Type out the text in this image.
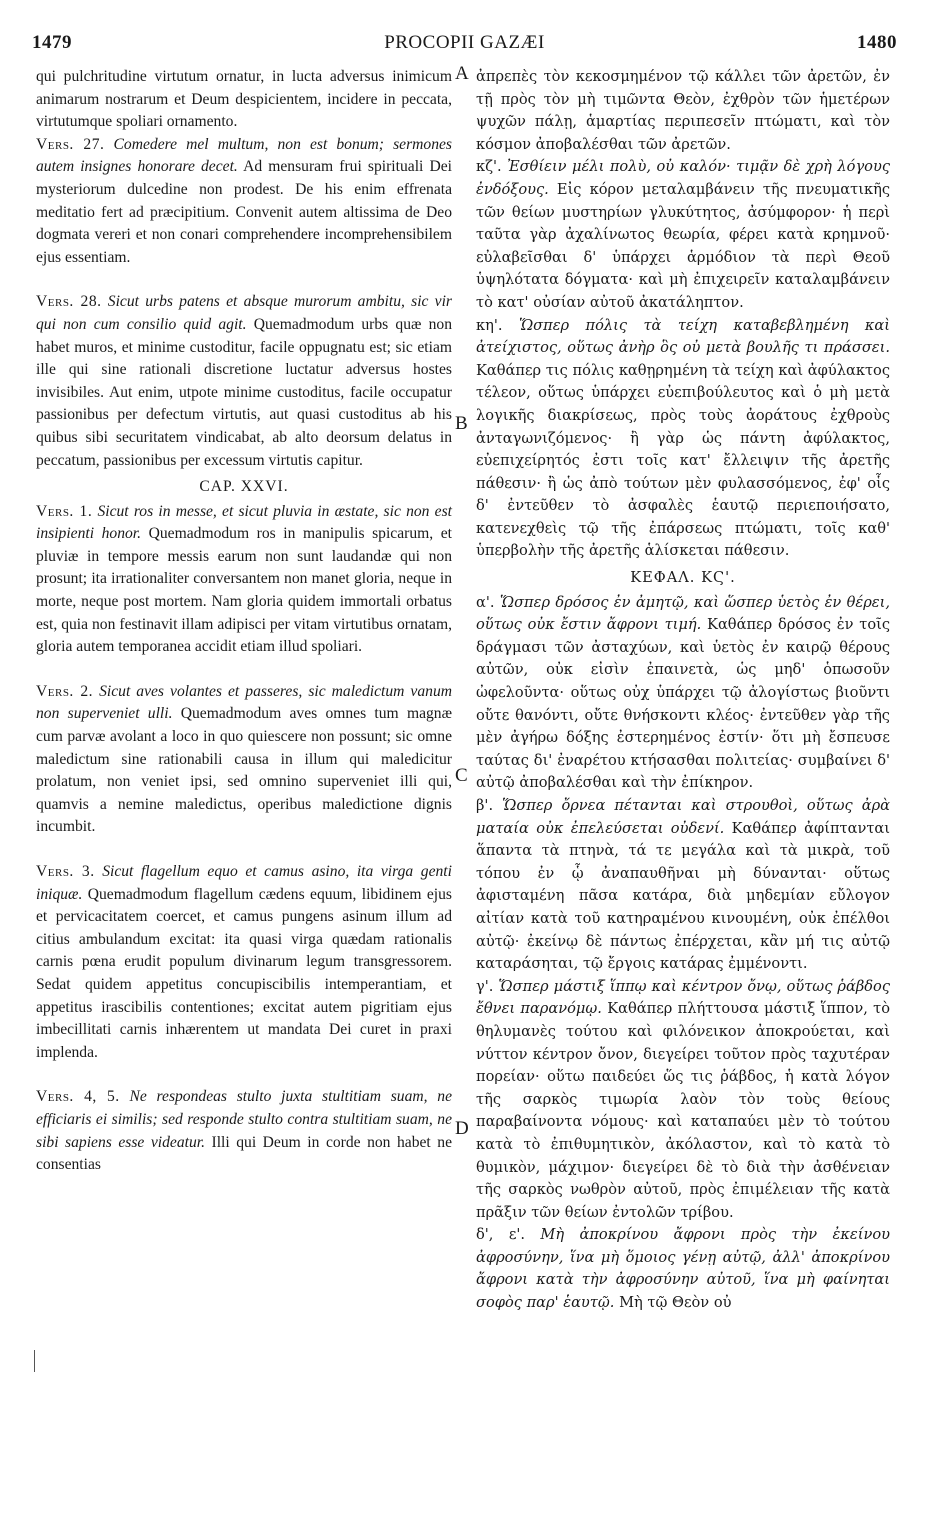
1479	PROCOPII GAZÆI	1480
A
B
C
D

qui pulchritudine virtutum ornatur, in lucta adversus inimicum animarum nostrarum et Deum despicientem, incidere in peccata, virtutumque spoliari ornamento.

Vers. 27. Comedere mel multum, non est bonum; sermones autem insignes honorare decet. Ad mensuram frui spirituali Dei mysteriorum dulcedine non prodest. De his enim effrenata meditatio fert ad præcipitium. Convenit autem altissima de Deo dogmata vereri et non conari comprehendere incomprehensibilem ejus essentiam.

Vers. 28. Sicut urbs patens et absque murorum ambitu, sic vir qui non cum consilio quid agit. Quemadmodum urbs quæ non habet muros, et minime custoditur, facile oppugnatu est; sic etiam ille qui sine rationali discretione luctatur adversus hostes invisibiles. Aut enim, utpote minime custoditus, facile occupatur passionibus per defectum virtutis, aut quasi custoditus ab his quibus sibi securitatem vindicabat, ab alto deorsum delatus in peccatum, passionibus per excessum virtutis capitur.

CAP. XXVI.

Vers. 1. Sicut ros in messe, et sicut pluvia in æstate, sic non est insipienti honor. Quemadmodum ros in manipulis spicarum, et pluviæ in tempore messis earum non sunt laudandæ qui non prosunt; ita irrationaliter conversantem non manet gloria, neque in morte, neque post mortem. Nam gloria quidem immortali orbatus est, quia non festinavit illam adipisci per vitam virtutibus ornatam, gloria autem temporanea accidit etiam illud spoliari.

Vers. 2. Sicut aves volantes et passeres, sic maledictum vanum non superveniet ulli. Quemadmodum aves omnes tum magnæ cum parvæ avolant a loco in quo quiescere non possunt; sic omne maledictum sine rationabili causa in illum qui maledicitur prolatum, non veniet ipsi, sed omnino superveniet illi qui, quamvis a nemine maledictus, operibus maledictione dignis incumbit.

Vers. 3. Sicut flagellum equo et camus asino, ita virga genti iniquæ. Quemadmodum flagellum cædens equum, libidinem ejus et pervicacitatem coercet, et camus pungens asinum illum ad citius ambulandum excitat: ita quasi virga quædam rationalis carnis pœna erudit populum divinarum legum transgressorem. Sedat quidem appetitus concupiscibilis intemperantiam, et appetitus irascibilis contentiones; excitat autem pigritiam ejus imbecillitati carnis inhærentem ut mandata Dei curet in praxi implenda.

Vers. 4, 5. Ne respondeas stulto juxta stultitiam suam, ne efficiaris ei similis; sed responde stulto contra stultitiam suam, ne sibi sapiens esse videatur. Illi qui Deum in corde non habet ne consentias

ἀπρεπὲς τὸν κεκοσμημένον τῷ κάλλει τῶν ἀρετῶν, ἐν τῇ πρὸς τὸν μὴ τιμῶντα Θεὸν, ἐχθρὸν τῶν ἡμετέρων ψυχῶν πάλῃ, ἁμαρτίας περιπεσεῖν πτώματι, καὶ τὸν κόσμον ἀποβαλέσθαι τῶν ἀρετῶν.

κζ'. Ἐσθίειν μέλι πολὺ, οὐ καλόν· τιμᾷν δὲ χρὴ λόγους ἐνδόξους. Εἰς κόρον μεταλαμβάνειν τῆς πνευματικῆς τῶν θείων μυστηρίων γλυκύτητος, ἀσύμφορον· ἡ περὶ ταῦτα γὰρ ἀχαλίνωτος θεωρία, φέρει κατὰ κρημνοῦ· εὐλαβεῖσθαι δ' ὑπάρχει ἁρμόδιον τὰ περὶ Θεοῦ ὑψηλότατα δόγματα· καὶ μὴ ἐπιχειρεῖν καταλαμβάνειν τὸ κατ' οὐσίαν αὐτοῦ ἀκατάληπτον.

κη'. Ὥσπερ πόλις τὰ τείχη καταβεβλημένη καὶ ἀτείχιστος, οὕτως ἀνὴρ ὃς οὐ μετὰ βουλῆς τι πράσσει. Καθάπερ τις πόλις καθῃρημένη τὰ τείχη καὶ ἀφύλακτος τέλεον, οὕτως ὑπάρχει εὐεπιβούλευτος καὶ ὁ μὴ μετὰ λογικῆς διακρίσεως, πρὸς τοὺς ἀοράτους ἐχθροὺς ἀνταγωνιζόμενος· ἢ γὰρ ὡς πάντη ἀφύλακτος, εὐεπιχείρητός ἐστι τοῖς κατ' ἔλλειψιν τῆς ἀρετῆς πάθεσιν· ἢ ὡς ἀπὸ τούτων μὲν φυλασσόμενος, ἐφ' οἷς δ' ἐντεῦθεν τὸ ἀσφαλὲς ἑαυτῷ περιεποιήσατο, κατενεχθεὶς τῷ τῆς ἐπάρσεως πτώματι, τοῖς καθ' ὑπερβολὴν τῆς ἀρετῆς ἁλίσκεται πάθεσιν.

ΚΕΦΑΛ. ΚϚ'.

α'. Ὥσπερ δρόσος ἐν ἀμητῷ, καὶ ὥσπερ ὑετὸς ἐν θέρει, οὕτως οὐκ ἔστιν ἄφρονι τιμή. Καθάπερ δρόσος ἐν τοῖς δράγμασι τῶν ἀσταχύων, καὶ ὑετὸς ἐν καιρῷ θέρους αὐτῶν, οὐκ εἰσὶν ἐπαινετὰ, ὡς μηδ' ὁπωσοῦν ὠφελοῦντα· οὕτως οὐχ ὑπάρχει τῷ ἀλογίστως βιοῦντι οὔτε θανόντι, οὔτε θνήσκοντι κλέος· ἐντεῦθεν γὰρ τῆς μὲν ἀγήρω δόξης ἐστερημένος ἐστίν· ὅτι μὴ ἔσπευσε ταύτας δι' ἐναρέτου κτήσασθαι πολιτείας· συμβαίνει δ' αὐτῷ ἀποβαλέσθαι καὶ τὴν ἐπίκηρον.

β'. Ὥσπερ ὄρνεα πέτανται καὶ στρουθοὶ, οὕτως ἀρὰ ματαία οὐκ ἐπελεύσεται οὐδενί. Καθάπερ ἀφίπτανται ἅπαντα τὰ πτηνὰ, τά τε μεγάλα καὶ τὰ μικρὰ, τοῦ τόπου ἐν ᾧ ἀναπαυθῆναι μὴ δύνανται· οὕτως ἀφισταμένη πᾶσα κατάρα, διὰ μηδεμίαν εὔλογον αἰτίαν κατὰ τοῦ κατηραμένου κινουμένη, οὐκ ἐπέλθοι αὐτῷ· ἐκείνῳ δὲ πάντως ἐπέρχεται, κἂν μή τις αὐτῷ καταράσηται, τῷ ἔργοις κατάρας ἐμμένοντι.

γ'. Ὥσπερ μάστιξ ἵππῳ καὶ κέντρον ὄνῳ, οὕτως ῥάβδος ἔθνει παρανόμῳ. Καθάπερ πλήττουσα μάστιξ ἵππον, τὸ θηλυμανὲς τούτου καὶ φιλόνεικον ἀποκρούεται, καὶ νύττον κέντρον ὄνον, διεγείρει τοῦτον πρὸς ταχυτέραν πορείαν· οὕτω παιδεύει ὥς τις ῥάβδος, ἡ κατὰ λόγον τῆς σαρκὸς τιμωρία λαὸν τὸν τοὺς θείους παραβαίνοντα νόμους· καὶ καταπαύει μὲν τὸ τούτου κατὰ τὸ ἐπιθυμητικὸν, ἀκόλαστον, καὶ τὸ κατὰ τὸ θυμικὸν, μάχιμον· διεγείρει δὲ τὸ διὰ τὴν ἀσθένειαν τῆς σαρκὸς νωθρὸν αὐτοῦ, πρὸς ἐπιμέλειαν τῆς κατὰ πρᾶξιν τῶν θείων ἐντολῶν τρίβου.

δ', ε'. Μὴ ἀποκρίνου ἄφρονι πρὸς τὴν ἐκείνου ἀφροσύνην, ἵνα μὴ ὅμοιος γένῃ αὐτῷ, ἀλλ' ἀποκρίνου ἄφρονι κατὰ τὴν ἀφροσύνην αὐτοῦ, ἵνα μὴ φαίνηται σοφὸς παρ' ἑαυτῷ. Μὴ τῷ Θεὸν οὐ
